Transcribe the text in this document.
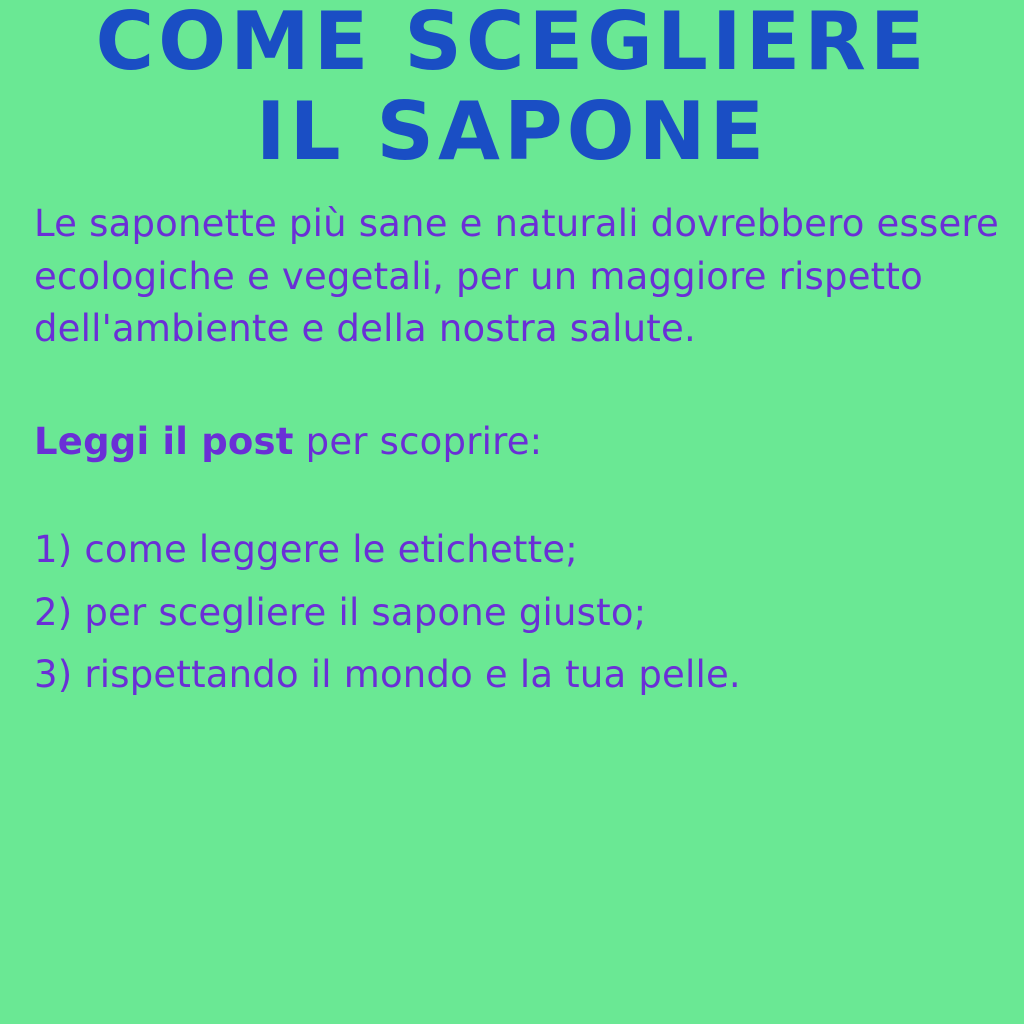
COME SCEGLIERE
IL SAPONE

Le saponette più sane e naturali dovrebbero essere ecologiche e vegetali, per un maggiore rispetto dell'ambiente e della nostra salute.

Leggi il post per scoprire:

1) come leggere le etichette;

2) per scegliere il sapone giusto;

3) rispettando il mondo e la tua pelle.
